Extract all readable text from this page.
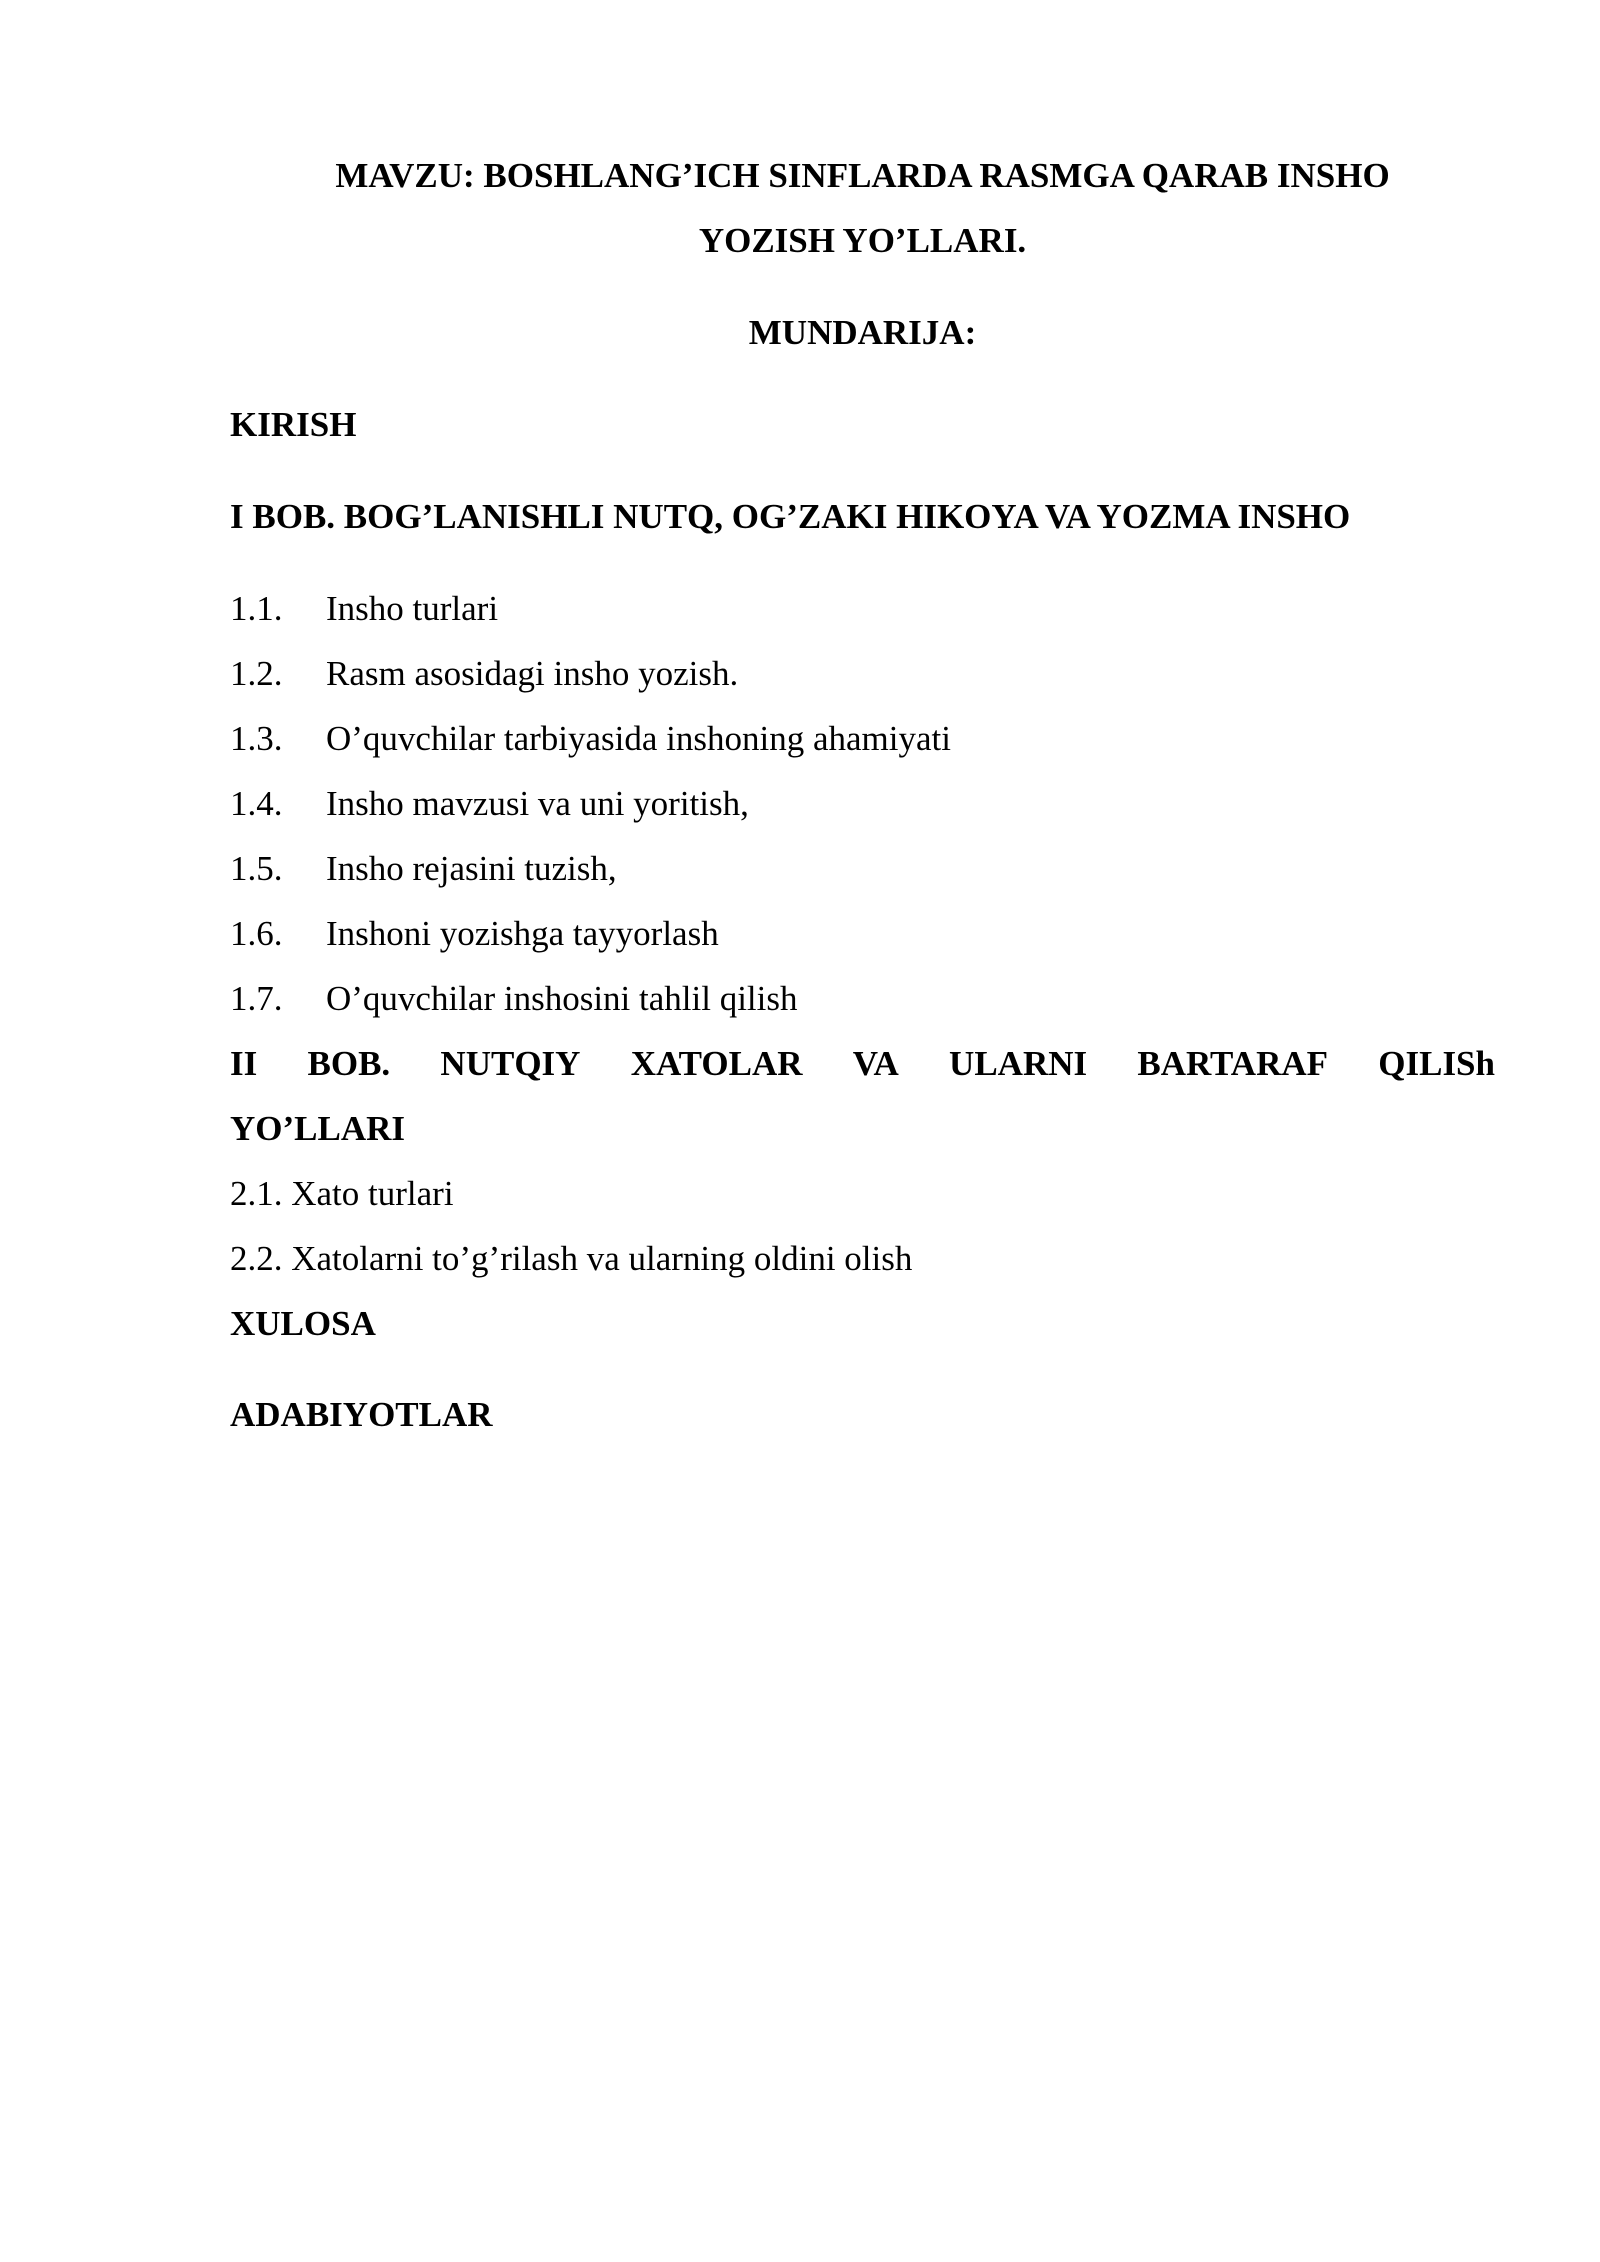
MAVZU: BOSHLANG’ICH SINFLARDA RASMGA QARAB INSHO
YOZISH YO’LLARI.
MUNDARIJA:
KIRISH
I BOB. BOG’LANISHLI NUTQ, OG’ZAKI HIKOYA VA YOZMA INSHO
1.1. Insho turlari
1.2. Rasm asosidagi insho yozish.
1.3. O’quvchilar tarbiyasida inshoning ahamiyati
1.4. Insho mavzusi va uni yoritish,
1.5. Insho rejasini tuzish,
1.6. Inshoni yozishga tayyorlash
1.7. O’quvchilar inshosini tahlil qilish
II BOB. NUTQIY XATOLAR VA ULARNI BARTARAF QILISh
YO’LLARI
2.1. Xato turlari
2.2. Xatolarni to’g’rilash va ularning oldini olish
XULOSA
ADABIYOTLAR
